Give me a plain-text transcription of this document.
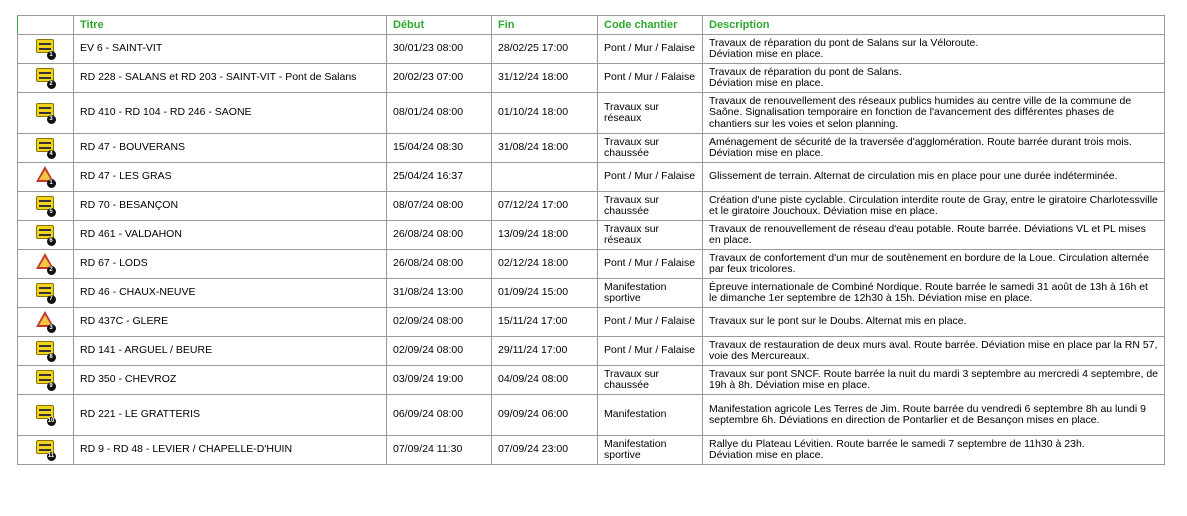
	Titre	Début	Fin	Code chantier	Description

1	EV 6 - SAINT-VIT	30/01/23 08:00	28/02/25 17:00	Pont / Mur / Falaise	Travaux de réparation du pont de Salans sur la Véloroute.
Déviation mise en place.

2	RD 228 - SALANS et RD 203 - SAINT-VIT - Pont de Salans	20/02/23 07:00	31/12/24 18:00	Pont / Mur / Falaise	Travaux de réparation du pont de Salans.
Déviation mise en place.

3	RD 410 - RD 104 - RD 246 - SAONE	08/01/24 08:00	01/10/24 18:00	Travaux sur réseaux	Travaux de renouvellement des réseaux publics humides au centre ville de la commune de Saône. Signalisation temporaire en fonction de l'avancement des différentes phases de chantiers sur les voies et selon planning.

4	RD 47 - BOUVERANS	15/04/24 08:30	31/08/24 18:00	Travaux sur chaussée	Aménagement de sécurité de la traversée d'agglomération. Route barrée durant trois mois. Déviation mise en place.

1	RD 47 - LES GRAS	25/04/24 16:37		Pont / Mur / Falaise	Glissement de terrain. Alternat de circulation mis en place pour une durée indéterminée.

5	RD 70 - BESANÇON	08/07/24 08:00	07/12/24 17:00	Travaux sur chaussée	Création d'une piste cyclable. Circulation interdite route de Gray, entre le giratoire Charlotessville et le giratoire Jouchoux. Déviation mise en place.

6	RD 461 - VALDAHON	26/08/24 08:00	13/09/24 18:00	Travaux sur réseaux	Travaux de renouvellement de réseau d'eau potable. Route barrée. Déviations VL et PL mises en place.

2	RD 67 - LODS	26/08/24 08:00	02/12/24 18:00	Pont / Mur / Falaise	Travaux de confortement d'un mur de soutènement en bordure de la Loue. Circulation alternée par feux tricolores.

7	RD 46 - CHAUX-NEUVE	31/08/24 13:00	01/09/24 15:00	Manifestation sportive	Épreuve internationale de Combiné Nordique. Route barrée le samedi 31 août de 13h à 16h et le dimanche 1er septembre de 12h30 à 15h. Déviation mise en place.

3	RD 437C - GLERE	02/09/24 08:00	15/11/24 17:00	Pont / Mur / Falaise	Travaux sur le pont sur le Doubs. Alternat mis en place.

8	RD 141 - ARGUEL / BEURE	02/09/24 08:00	29/11/24 17:00	Pont / Mur / Falaise	Travaux de restauration de deux murs aval. Route barrée. Déviation mise en place par la RN 57, voie des Mercureaux.

9	RD 350 - CHEVROZ	03/09/24 19:00	04/09/24 08:00	Travaux sur chaussée	Travaux sur pont SNCF. Route barrée la nuit du mardi 3 septembre au mercredi 4 septembre, de 19h à 8h. Déviation mise en place.

10	RD 221 - LE GRATTERIS	06/09/24 08:00	09/09/24 06:00	Manifestation	Manifestation agricole Les Terres de Jim. Route barrée du vendredi 6 septembre 8h au lundi 9 septembre 6h. Déviations en direction de Pontarlier et de Besançon mises en place.

11	RD 9 - RD 48 - LEVIER / CHAPELLE-D'HUIN	07/09/24 11:30	07/09/24 23:00	Manifestation sportive	Rallye du Plateau Lévitien. Route barrée le samedi 7 septembre de 11h30 à 23h.
Déviation mise en place.
